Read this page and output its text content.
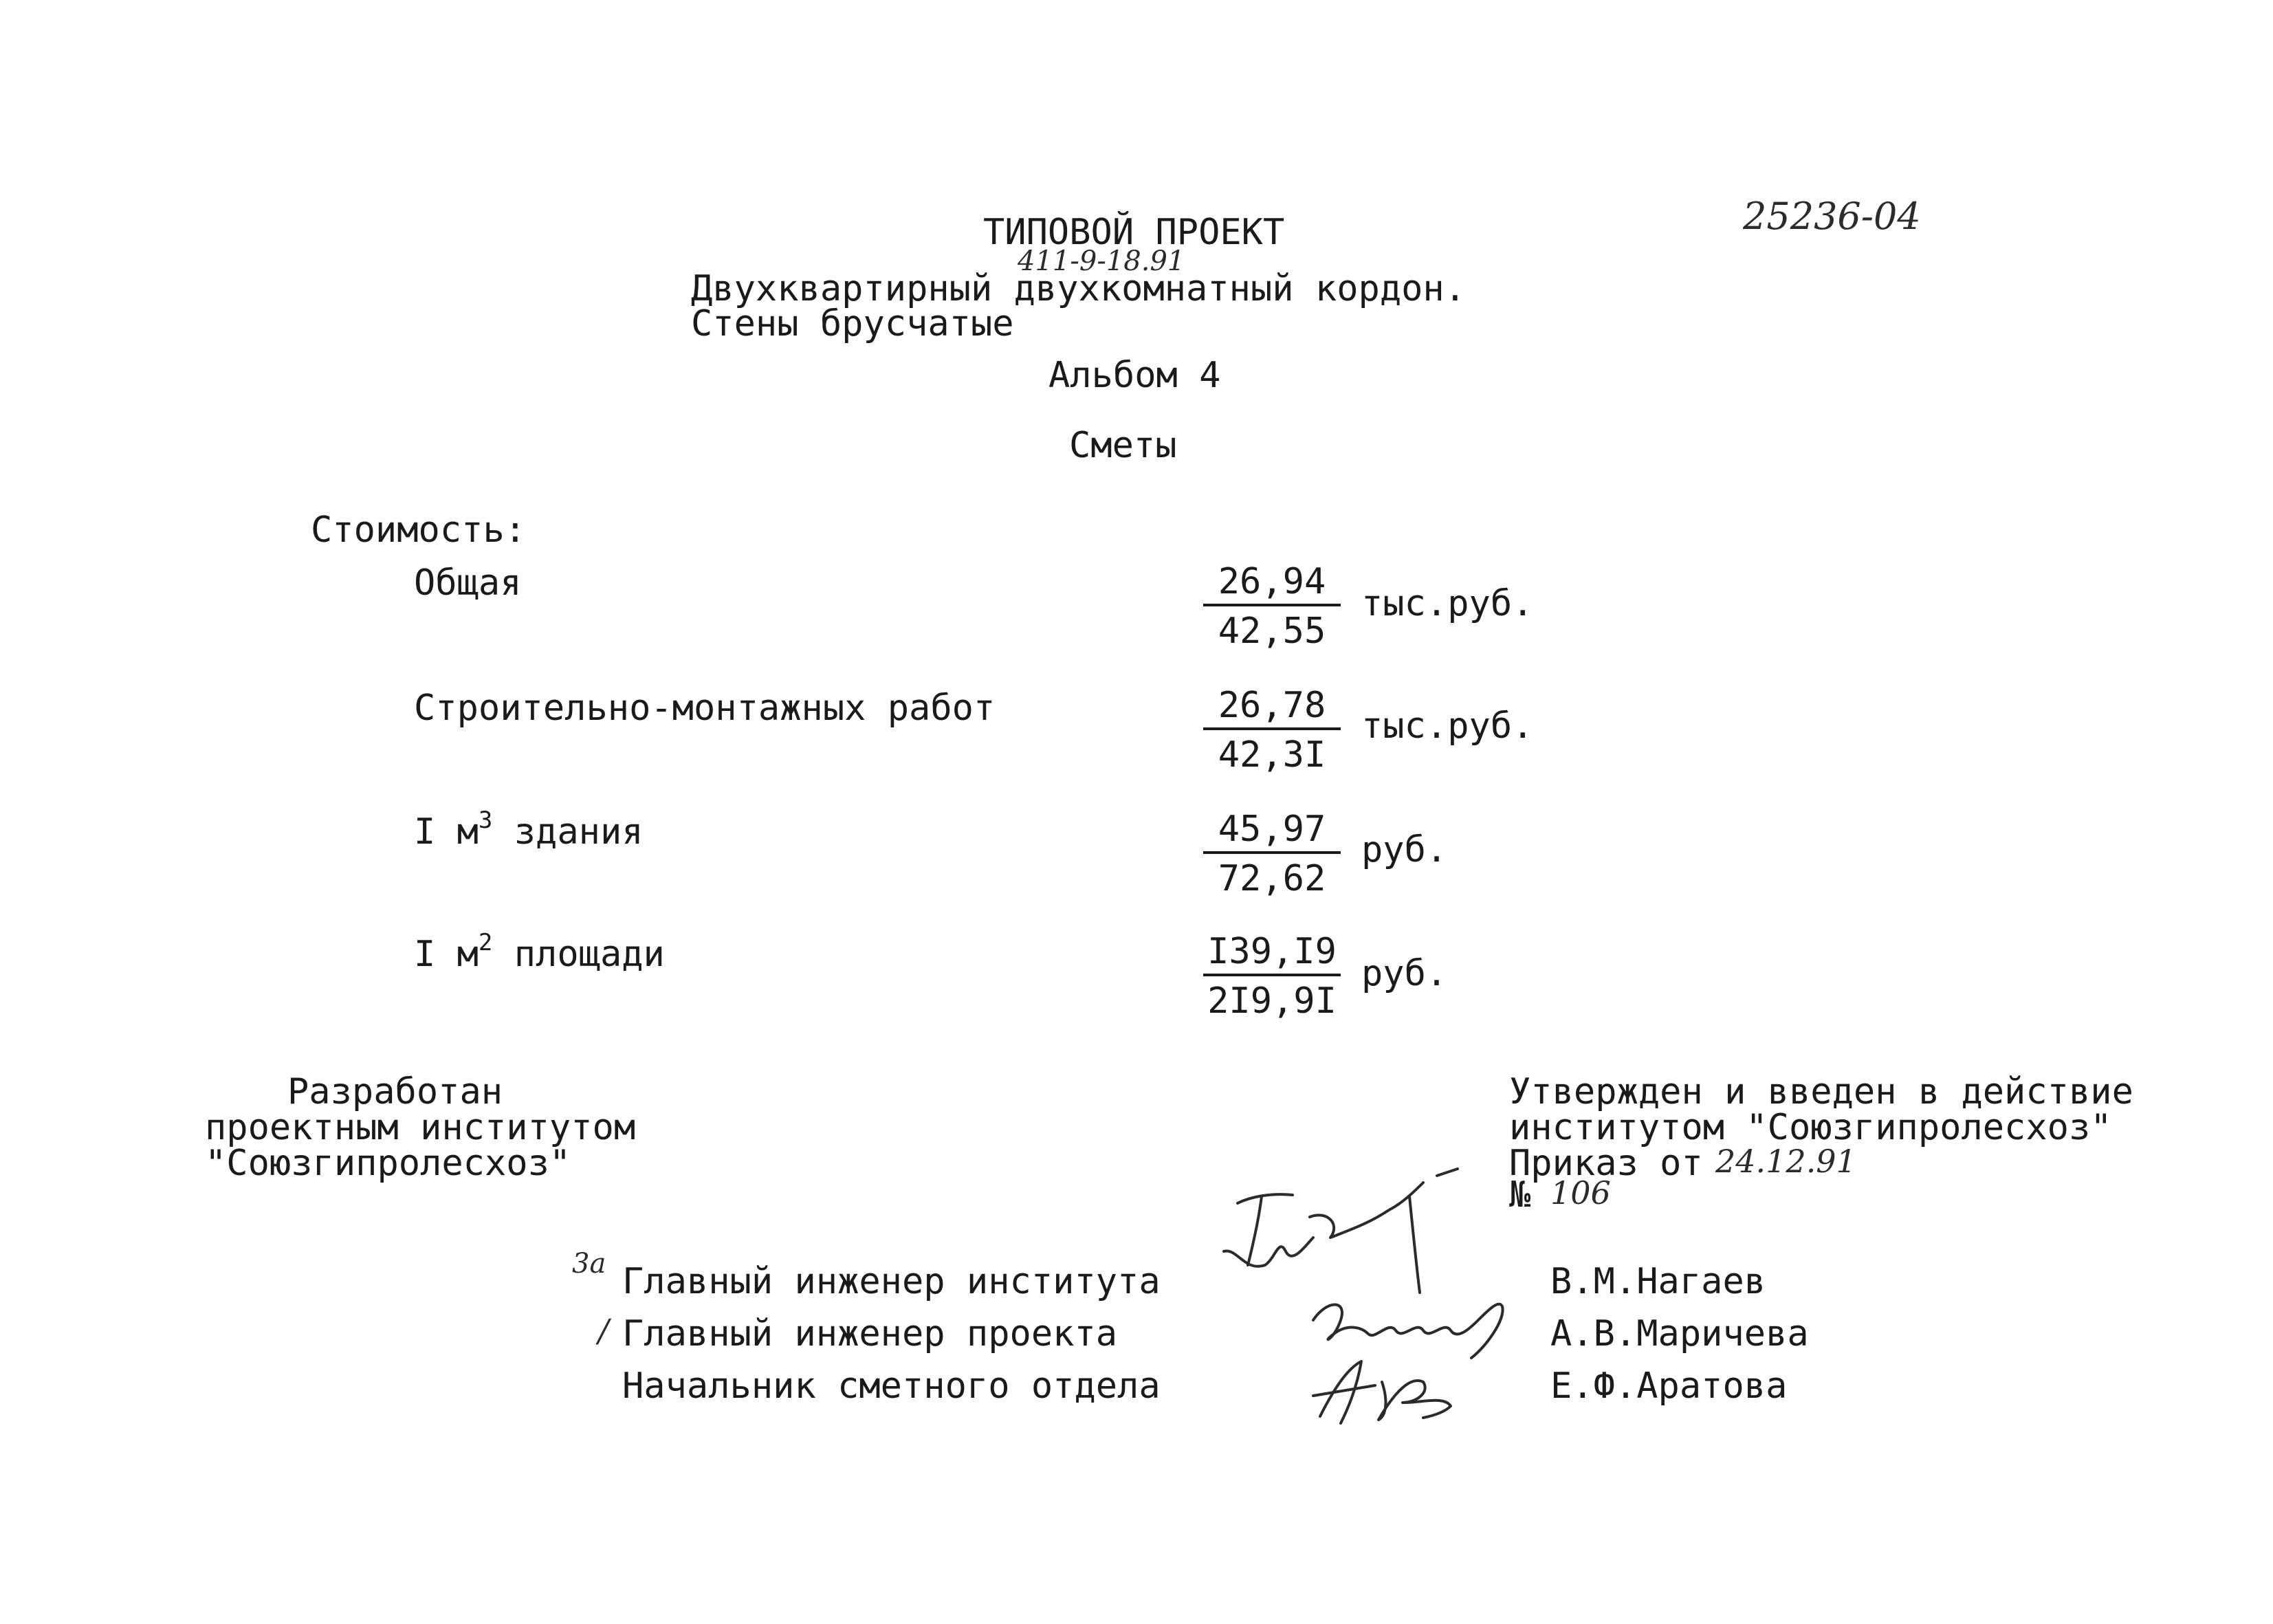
25236-04
ТИПОВОЙ ПРОЕКТ
411-9-18.91
Двухквартирный двухкомнатный кордон.
Стены брусчатые
Альбом 4
Сметы
Стоимость:
Общая	$\frac{26,94}{42,55} тыс.руб$.
Строительно-монтажных работ	$\frac{26,78}{42,3I} тыс.руб$.
I $м^3$ здания	$\frac{45,97}{72,62}$ руб.
I $м^2$ площади	$\frac{I39,I9}{2I9,9I}$ руб.
Разработан
проектным институтом
"Союзгипролесхоз"
Утвержден и введен в действие
институтом "Союзгипролесхоз"
Приказ от 24.12.91
№ 106
3а Главный инженер института	В.М.Нагаев
/ Главный инженер проекта	А.В.Маричева
Начальник сметного отдела	Е.Ф.Аратова
